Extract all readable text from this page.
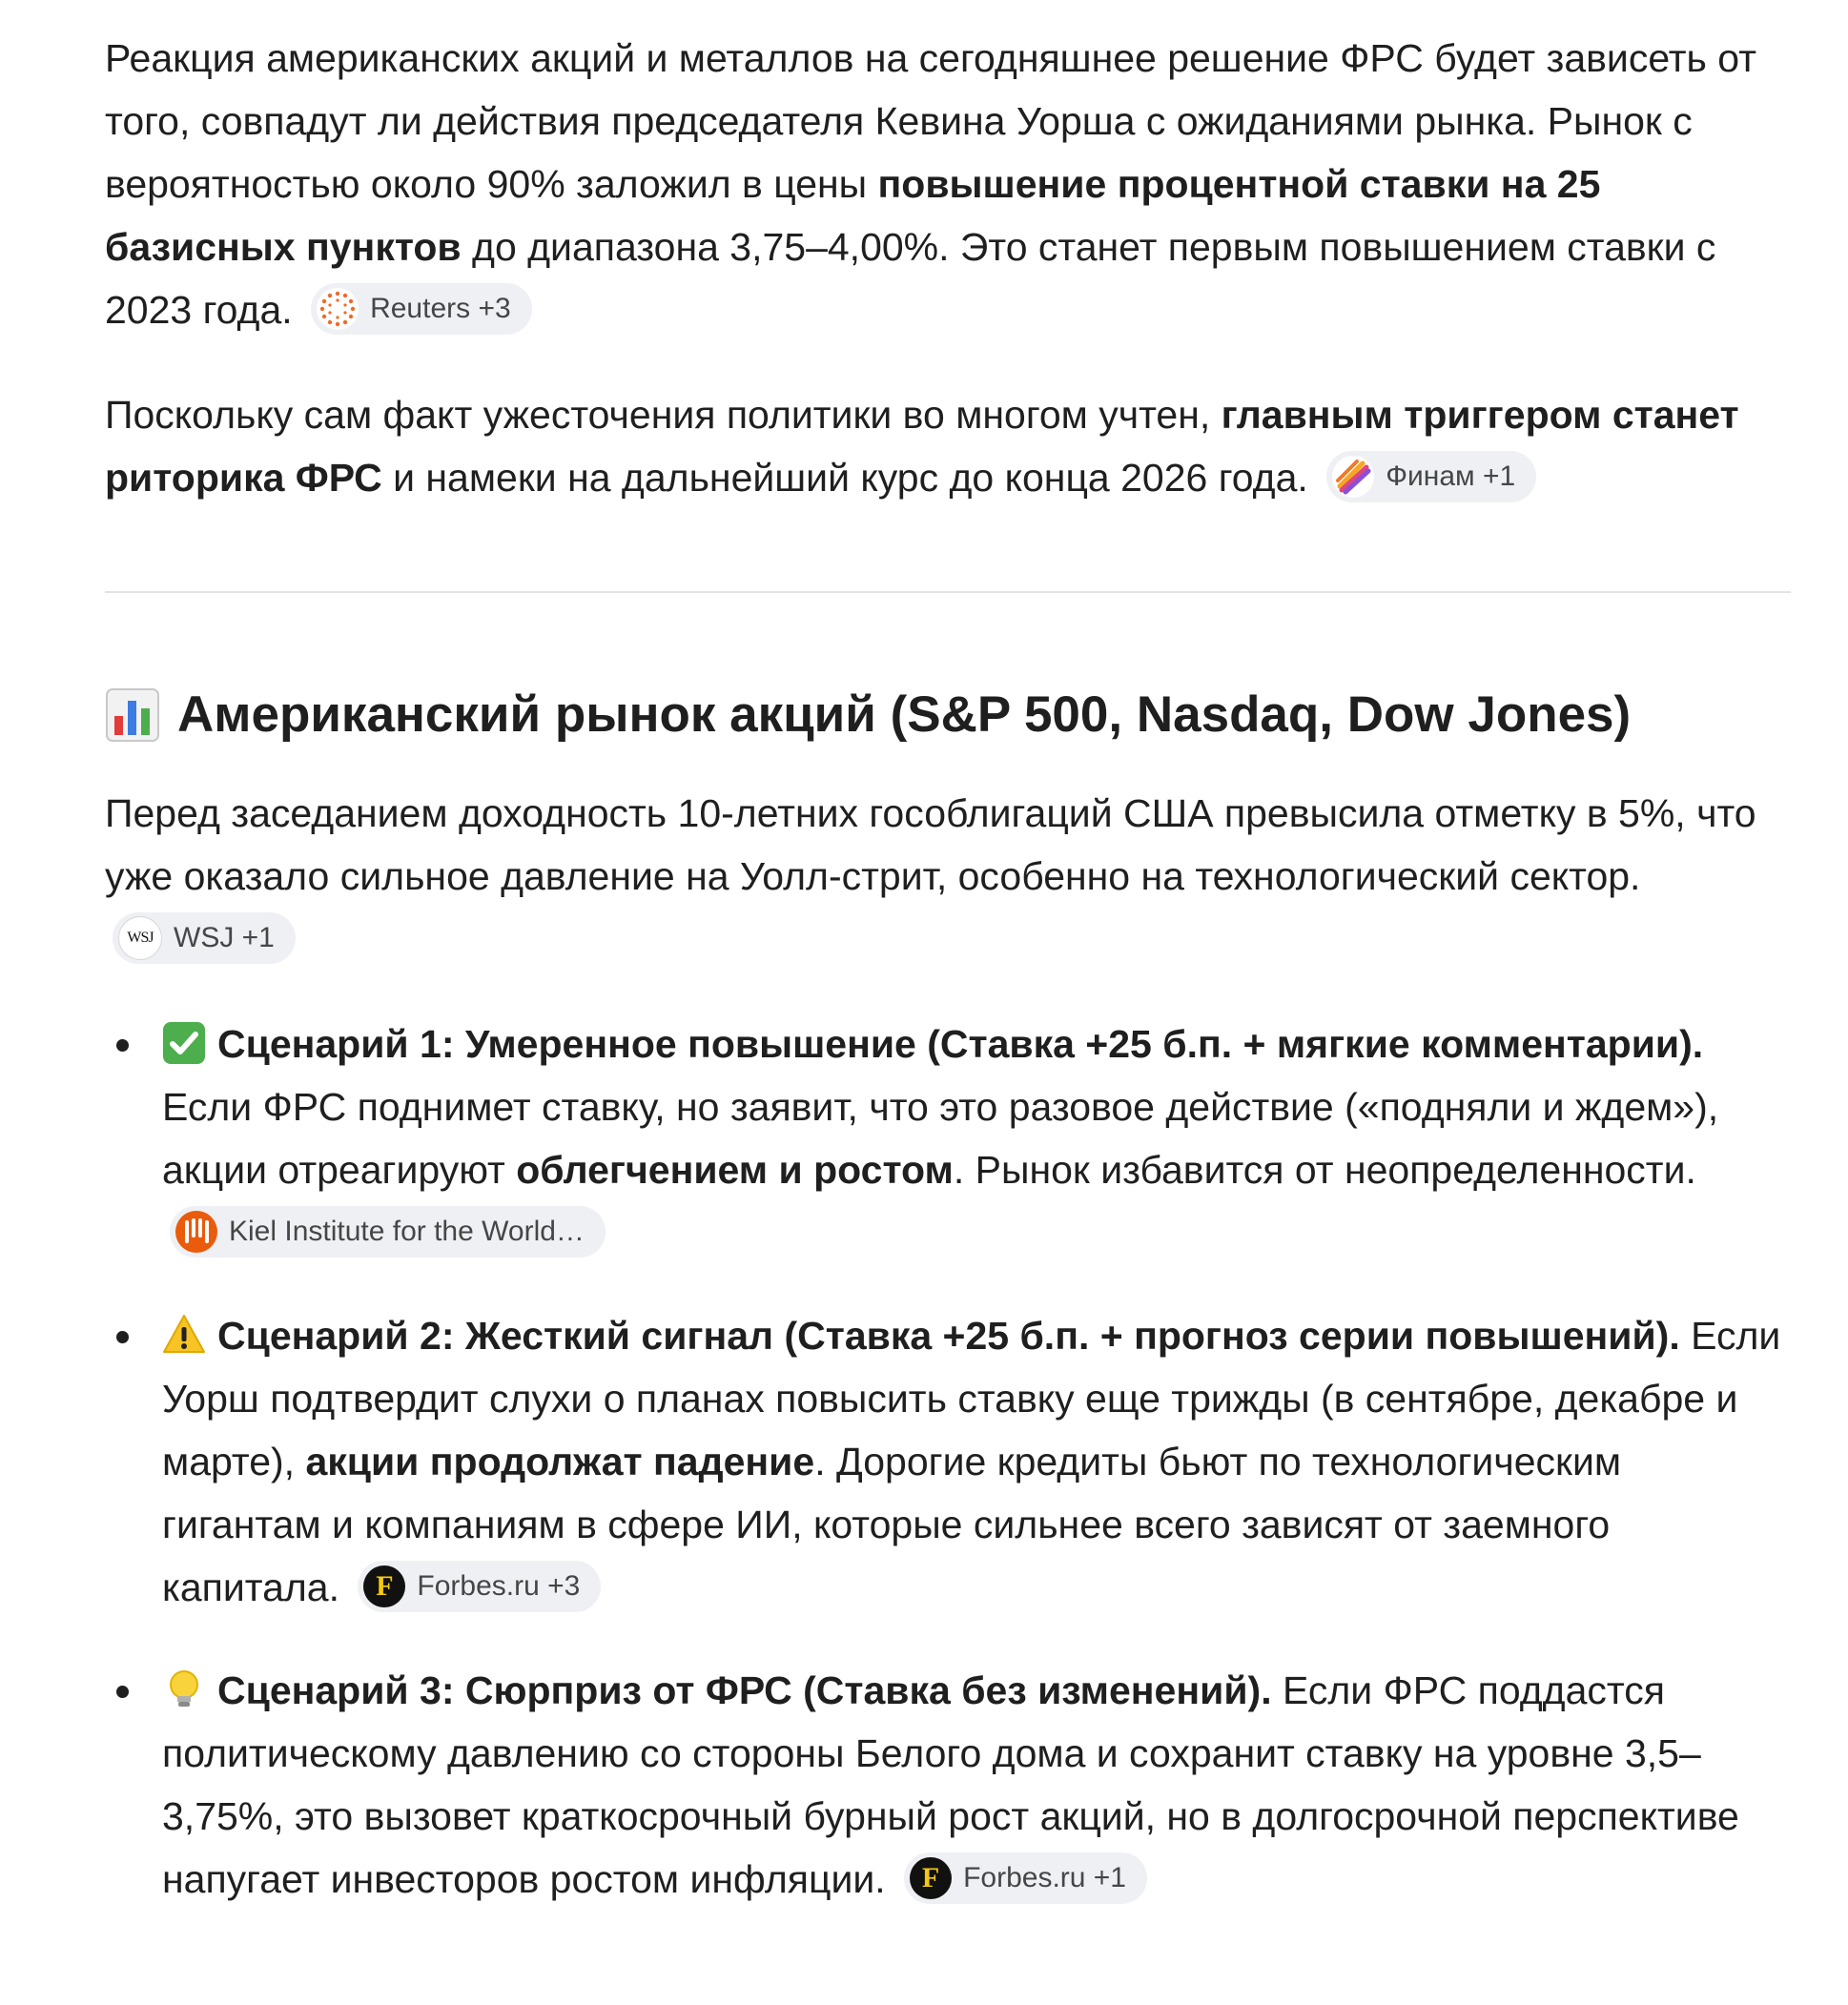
Реакция американских акций и металлов на сегодняшнее решение ФРС будет зависеть от того, совпадут ли действия председателя Кевина Уорша с ожиданиями рынка. Рынок с вероятностью около 90% заложил в цены повышение процентной ставки на 25 базисных пунктов до диапазона 3,75–4,00%. Это станет первым повышением ставки с 2023 года.	Reuters +3

Поскольку сам факт ужесточения политики во многом учтен, главным триггером станет риторика ФРС и намеки на дальнейший курс до конца 2026 года.	Финам +1

Американский рынок акций (S&P 500, Nasdaq, Dow Jones)

Перед заседанием доходность 10-летних гособлигаций США превысила отметку в 5%, что уже оказало сильное давление на Уолл-стрит, особенно на технологический сектор.
WSJ WSJ +1

Сценарий 1: Умеренное повышение (Ставка +25 б.п. + мягкие комментарии). Если ФРС поднимет ставку, но заявит, что это разовое действие («подняли и ждем»), акции отреагируют облегчением и ростом. Рынок избавится от неопределенности.
Kiel Institute for the World…

Сценарий 2: Жесткий сигнал (Ставка +25 б.п. + прогноз серии повышений). Если Уорш подтвердит слухи о планах повысить ставку еще трижды (в сентябре, декабре и марте), акции продолжат падение. Дорогие кредиты бьют по технологическим гигантам и компаниям в сфере ИИ, которые сильнее всего зависят от заемного капитала.	F Forbes.ru +3

Сценарий 3: Сюрприз от ФРС (Ставка без изменений). Если ФРС поддастся политическому давлению со стороны Белого дома и сохранит ставку на уровне 3,5–3,75%, это вызовет краткосрочный бурный рост акций, но в долгосрочной перспективе напугает инвесторов ростом инфляции.	F Forbes.ru +1
